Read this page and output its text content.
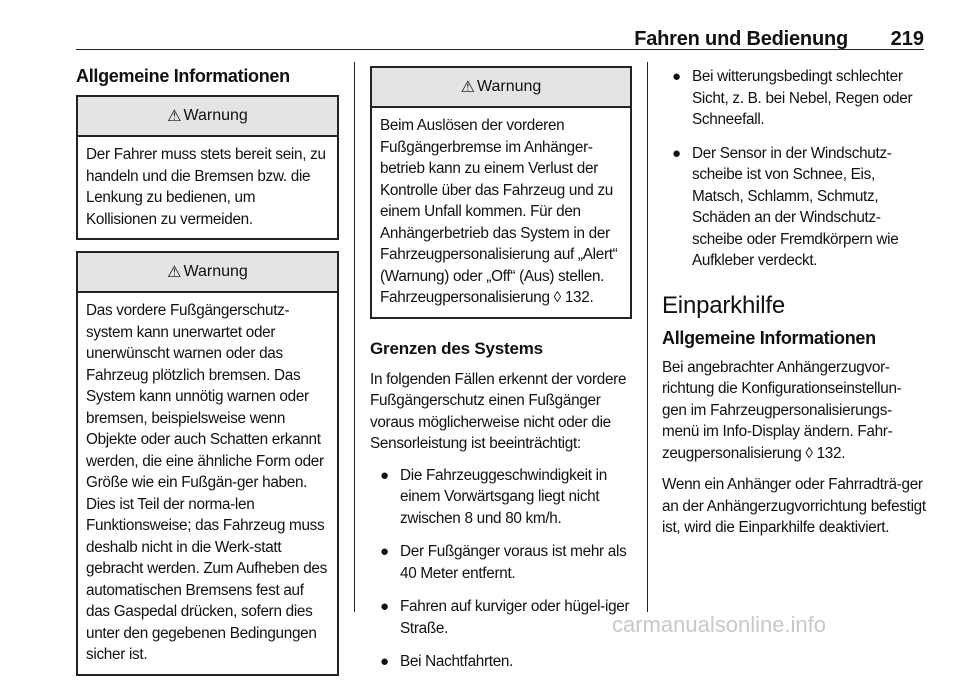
Fahren und Bedienung 219
Allgemeine Informationen
⚠ Warnung
Der Fahrer muss stets bereit sein, zu handeln und die Bremsen bzw. die Lenkung zu bedienen, um Kollisionen zu vermeiden.
⚠ Warnung
Das vordere Fußgängerschutz-system kann unerwartet oder unerwünscht warnen oder das Fahrzeug plötzlich bremsen. Das System kann unnötig warnen oder bremsen, beispielsweise wenn Objekte oder auch Schatten erkannt werden, die eine ähnliche Form oder Größe wie ein Fußgän-ger haben. Dies ist Teil der norma-len Funktionsweise; das Fahrzeug muss deshalb nicht in die Werk-statt gebracht werden. Zum Aufheben des automatischen Bremsens fest auf das Gaspedal drücken, sofern dies unter den gegebenen Bedingungen sicher ist.
⚠ Warnung
Beim Auslösen der vorderen Fußgängerbremse im Anhänger-betrieb kann zu einem Verlust der Kontrolle über das Fahrzeug und zu einem Unfall kommen. Für den Anhängerbetrieb das System in der Fahrzeugpersonalisierung auf „Alert“ (Warnung) oder „Off“ (Aus) stellen. Fahrzeugpersonalisierung ◊ 132.
Grenzen des Systems

In folgenden Fällen erkennt der vordere Fußgängerschutz einen Fußgänger voraus möglicherweise nicht oder die Sensorleistung ist beeinträchtigt:

● Die Fahrzeuggeschwindigkeit in einem Vorwärtsgang liegt nicht zwischen 8 und 80 km/h.
● Der Fußgänger voraus ist mehr als 40 Meter entfernt.
● Fahren auf kurviger oder hügel-iger Straße.
● Bei Nachtfahrten.
● Bei witterungsbedingt schlechter Sicht, z. B. bei Nebel, Regen oder Schneefall.
● Der Sensor in der Windschutz-scheibe ist von Schnee, Eis, Matsch, Schlamm, Schmutz, Schäden an der Windschutz-scheibe oder Fremdkörpern wie Aufkleber verdeckt.
Einparkhilfe
Allgemeine Informationen

Bei angebrachter Anhängerzugvor-richtung die Konfigurationseinstellun-gen im Fahrzeugpersonalisierungs-menü im Info-Display ändern. Fahr-zeugpersonalisierung ◊ 132.

Wenn ein Anhänger oder Fahrradträ-ger an der Anhängerzugvorrichtung befestigt ist, wird die Einparkhilfe deaktiviert.

carmanualsonline.info
